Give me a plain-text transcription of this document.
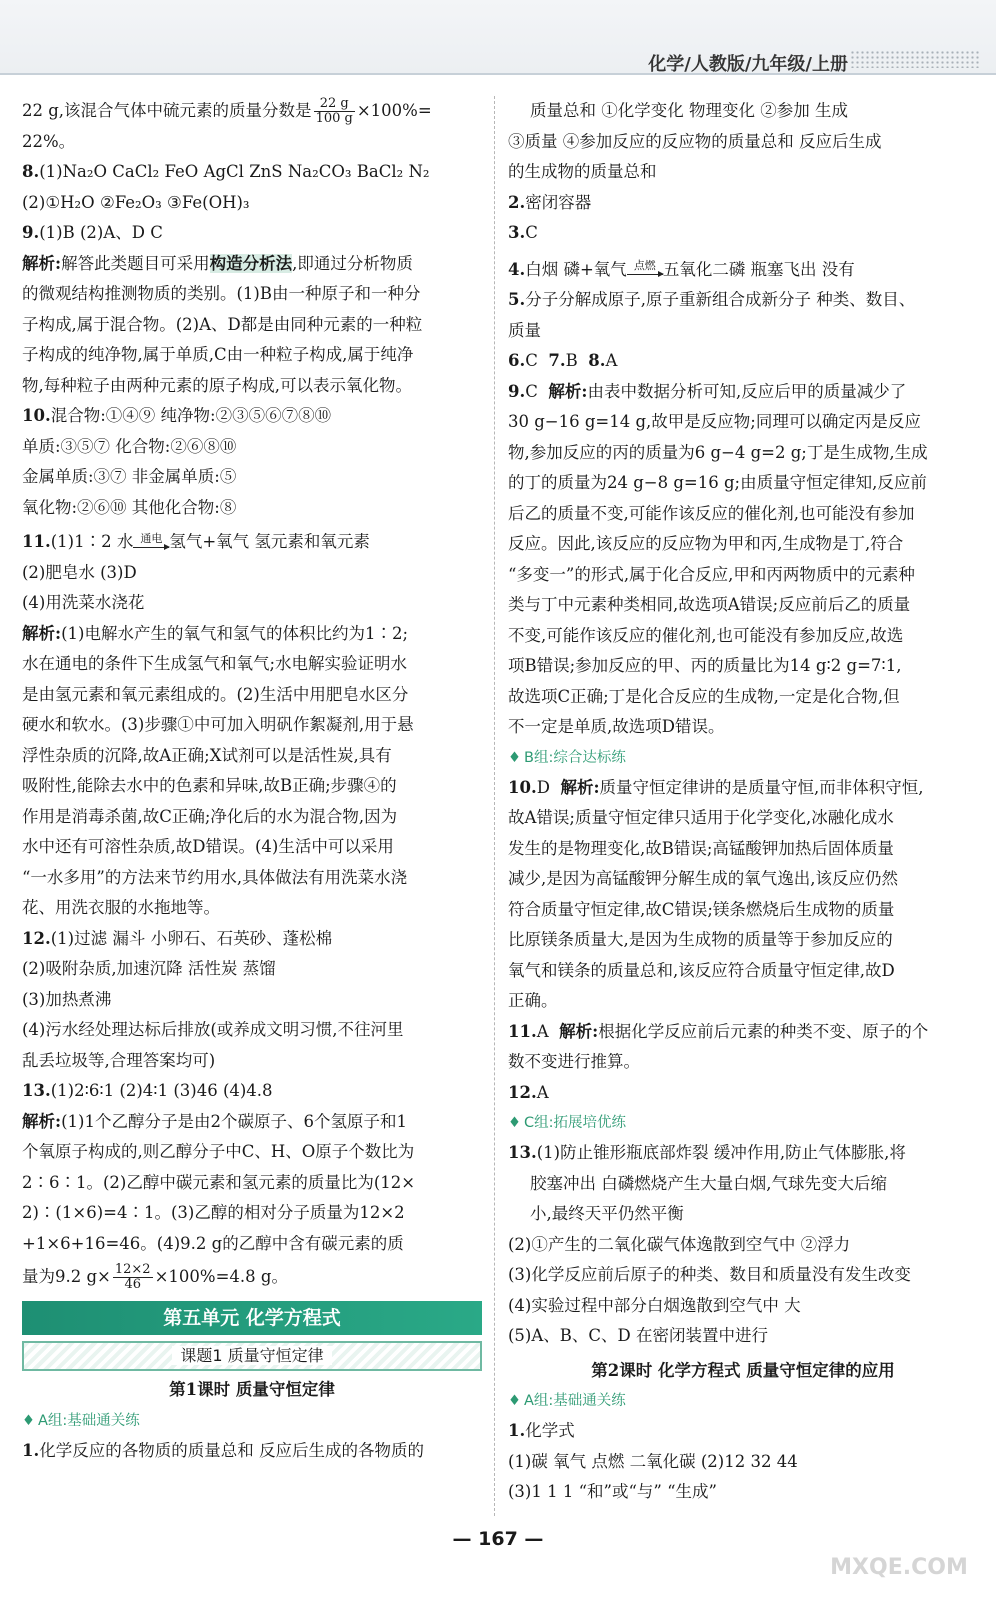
化学/人教版/九年级/上册
22 g,该混合气体中硫元素的质量分数是 $\frac{22 g}{100 g} \times 100\%=$
22%。
8.(1)Na₂O CaCl₂ FeO AgCl ZnS Na₂CO₃ BaCl₂ N₂
(2)①H₂O ②Fe₂O₃ ③Fe(OH)₃
9.(1)B (2)A、D C
解析:解答此类题目可采用构造分析法,即通过分析物质
的微观结构推测物质的类别。(1)B由一种原子和一种分
子构成,属于混合物。(2)A、D都是由同种元素的一种粒
子构成的纯净物,属于单质,C由一种粒子构成,属于纯净
物,每种粒子由两种元素的原子构成,可以表示氧化物。
10.混合物:①④⑨ 纯净物:②③⑤⑥⑦⑧⑩
单质:③⑤⑦ 化合物:②⑥⑧⑩
金属单质:③⑦ 非金属单质:⑤
氧化物:②⑥⑩ 其他化合物:⑧
11.(1)1∶2 水 通电 氢气+氧气 氢元素和氧元素
(2)肥皂水 (3)D
(4)用洗菜水浇花
解析:(1)电解水产生的氧气和氢气的体积比约为1∶2;
水在通电的条件下生成氢气和氧气;水电解实验证明水
是由氢元素和氧元素组成的。(2)生活中用肥皂水区分
硬水和软水。(3)步骤①中可加入明矾作絮凝剂,用于悬
浮性杂质的沉降,故A正确;X试剂可以是活性炭,具有
吸附性,能除去水中的色素和异味,故B正确;步骤④的
作用是消毒杀菌,故C正确;净化后的水为混合物,因为
水中还有可溶性杂质,故D错误。(4)生活中可以采用
“一水多用”的方法来节约用水,具体做法有用洗菜水浇
花、用洗衣服的水拖地等。
12.(1)过滤 漏斗 小卵石、石英砂、蓬松棉
(2)吸附杂质,加速沉降 活性炭 蒸馏
(3)加热煮沸
(4)污水经处理达标后排放(或养成文明习惯,不往河里
乱丢垃圾等,合理答案均可)
13.(1)2∶6∶1 (2)4∶1 (3)46 (4)4.8
解析:(1)1个乙醇分子是由2个碳原子、6个氢原子和1
个氧原子构成的,则乙醇分子中C、H、O原子个数比为
2∶6∶1。(2)乙醇中碳元素和氢元素的质量比为(12×
2)∶(1×6)=4∶1。(3)乙醇的相对分子质量为12×2
+1×6+16=46。(4)9.2 g的乙醇中含有碳元素的质
量为9.2 $g\times \frac{12\times 2}{46} \times 100\%=4.8$ g。
第五单元 化学方程式
课题1 质量守恒定律
第1课时 质量守恒定律
♦ A组:基础通关练
1.化学反应的各物质的质量总和 反应后生成的各物质的
质量总和 ①化学变化 物理变化 ②参加 生成
③质量 ④参加反应的反应物的质量总和 反应后生成
的生成物的质量总和
2.密闭容器
3.C
4.白烟 磷+氧气 点燃 五氧化二磷 瓶塞飞出 没有
5.分子分解成原子,原子重新组合成新分子 种类、数目、
质量
6.C 7.B 8.A
9.C 解析:由表中数据分析可知,反应后甲的质量减少了
30 g−16 g=14 g,故甲是反应物;同理可以确定丙是反应
物,参加反应的丙的质量为6 g−4 g=2 g;丁是生成物,生成
的丁的质量为24 g−8 g=16 g;由质量守恒定律知,反应前
后乙的质量不变,可能作该反应的催化剂,也可能没有参加
反应。因此,该反应的反应物为甲和丙,生成物是丁,符合
“多变一”的形式,属于化合反应,甲和丙两物质中的元素种
类与丁中元素种类相同,故选项A错误;反应前后乙的质量
不变,可能作该反应的催化剂,也可能没有参加反应,故选
项B错误;参加反应的甲、丙的质量比为14 g∶2 g=7∶1,
故选项C正确;丁是化合反应的生成物,一定是化合物,但
不一定是单质,故选项D错误。
♦ B组:综合达标练
10.D 解析:质量守恒定律讲的是质量守恒,而非体积守恒,
故A错误;质量守恒定律只适用于化学变化,冰融化成水
发生的是物理变化,故B错误;高锰酸钾加热后固体质量
减少,是因为高锰酸钾分解生成的氧气逸出,该反应仍然
符合质量守恒定律,故C错误;镁条燃烧后生成物的质量
比原镁条质量大,是因为生成物的质量等于参加反应的
氧气和镁条的质量总和,该反应符合质量守恒定律,故D
正确。
11.A 解析:根据化学反应前后元素的种类不变、原子的个
数不变进行推算。
12.A
♦ C组:拓展培优练
13.(1)防止锥形瓶底部炸裂 缓冲作用,防止气体膨胀,将
胶塞冲出 白磷燃烧产生大量白烟,气球先变大后缩
小,最终天平仍然平衡
(2)①产生的二氧化碳气体逸散到空气中 ②浮力
(3)化学反应前后原子的种类、数目和质量没有发生改变
(4)实验过程中部分白烟逸散到空气中 大
(5)A、B、C、D 在密闭装置中进行
第2课时 化学方程式 质量守恒定律的应用
♦ A组:基础通关练
1.化学式
(1)碳 氧气 点燃 二氧化碳 (2)12 32 44
(3)1 1 1 “和”或“与” “生成”
— 167 —
MXQE.COM
